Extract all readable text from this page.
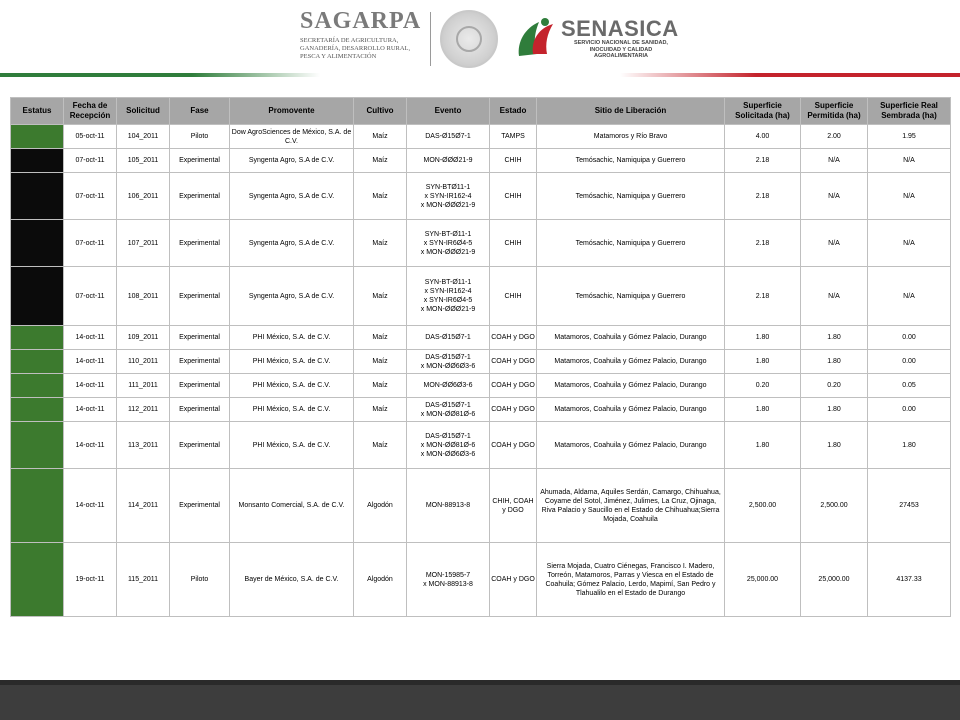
SAGARPA
SECRETARÍA DE AGRICULTURA,
GANADERÍA, DESARROLLO RURAL,
PESCA Y ALIMENTACIÓN
SENASICA
SERVICIO NACIONAL DE SANIDAD,
INOCUIDAD Y CALIDAD
AGROALIMENTARIA
Estatus	Fecha de Recepción	Solicitud	Fase	Promovente	Cultivo	Evento	Estado	Sitio de Liberación	Superficie Solicitada (ha)	Superficie Permitida (ha)	Superficie Real Sembrada (ha)
	05-oct-11	104_2011	Piloto	Dow AgroSciences de México, S.A. de C.V.	Maíz	DAS-Ø15Ø7-1	TAMPS	Matamoros y Río Bravo	4.00	2.00	1.95
	07-oct-11	105_2011	Experimental	Syngenta Agro, S.A de C.V.	Maíz	MON-ØØØ21-9	CHIH	Temósachic, Namiquipa y Guerrero	2.18	N/A	N/A
	07-oct-11	106_2011	Experimental	Syngenta Agro, S.A de C.V.	Maíz	SYN-BTØ11-1
x SYN-IR162-4
x MON-ØØØ21-9	CHIH	Temósachic, Namiquipa y Guerrero	2.18	N/A	N/A
	07-oct-11	107_2011	Experimental	Syngenta Agro, S.A de C.V.	Maíz	SYN-BT-Ø11-1
x SYN-IR6Ø4-5
x MON-ØØØ21-9	CHIH	Temósachic, Namiquipa y Guerrero	2.18	N/A	N/A
	07-oct-11	108_2011	Experimental	Syngenta Agro, S.A de C.V.	Maíz	SYN-BT-Ø11-1
x SYN-IR162-4
x SYN-IR6Ø4-5
x MON-ØØØ21-9	CHIH	Temósachic, Namiquipa y Guerrero	2.18	N/A	N/A
	14-oct-11	109_2011	Experimental	PHI México, S.A. de C.V.	Maíz	DAS-Ø15Ø7-1	COAH y DGO	Matamoros, Coahuila y Gómez Palacio, Durango	1.80	1.80	0.00
	14-oct-11	110_2011	Experimental	PHI México, S.A. de C.V.	Maíz	DAS-Ø15Ø7-1
x MON-ØØ6Ø3-6	COAH y DGO	Matamoros, Coahuila y Gómez Palacio, Durango	1.80	1.80	0.00
	14-oct-11	111_2011	Experimental	PHI México, S.A. de C.V.	Maíz	MON-ØØ6Ø3-6	COAH y DGO	Matamoros, Coahuila y Gómez Palacio, Durango	0.20	0.20	0.05
	14-oct-11	112_2011	Experimental	PHI México, S.A. de C.V.	Maíz	DAS-Ø15Ø7-1
x MON-ØØ81Ø-6	COAH y DGO	Matamoros, Coahuila y Gómez Palacio, Durango	1.80	1.80	0.00
	14-oct-11	113_2011	Experimental	PHI México, S.A. de C.V.	Maíz	DAS-Ø15Ø7-1
x MON-ØØ81Ø-6
x MON-ØØ6Ø3-6	COAH y DGO	Matamoros, Coahuila y Gómez Palacio, Durango	1.80	1.80	1.80
	14-oct-11	114_2011	Experimental	Monsanto Comercial, S.A. de C.V.	Algodón	MON-88913-8	CHIH, COAH y DGO	Ahumada, Aldama, Aquiles Serdán, Camargo, Chihuahua, Coyame del Sotol, Jiménez, Julimes, La Cruz, Ojinaga, Riva Palacio y Saucillo en el Estado de Chihuahua;Sierra Mojada, Coahuila	2,500.00	2,500.00	27453
	19-oct-11	115_2011	Piloto	Bayer de México, S.A. de C.V.	Algodón	MON-15985-7
x MON-88913-8	COAH y DGO	Sierra Mojada, Cuatro Ciénegas, Francisco I. Madero, Torreón, Matamoros, Parras y Viesca en el Estado de Coahuila; Gómez Palacio, Lerdo, Mapimí, San Pedro y Tlahualilo en el Estado de Durango	25,000.00	25,000.00	4137.33
